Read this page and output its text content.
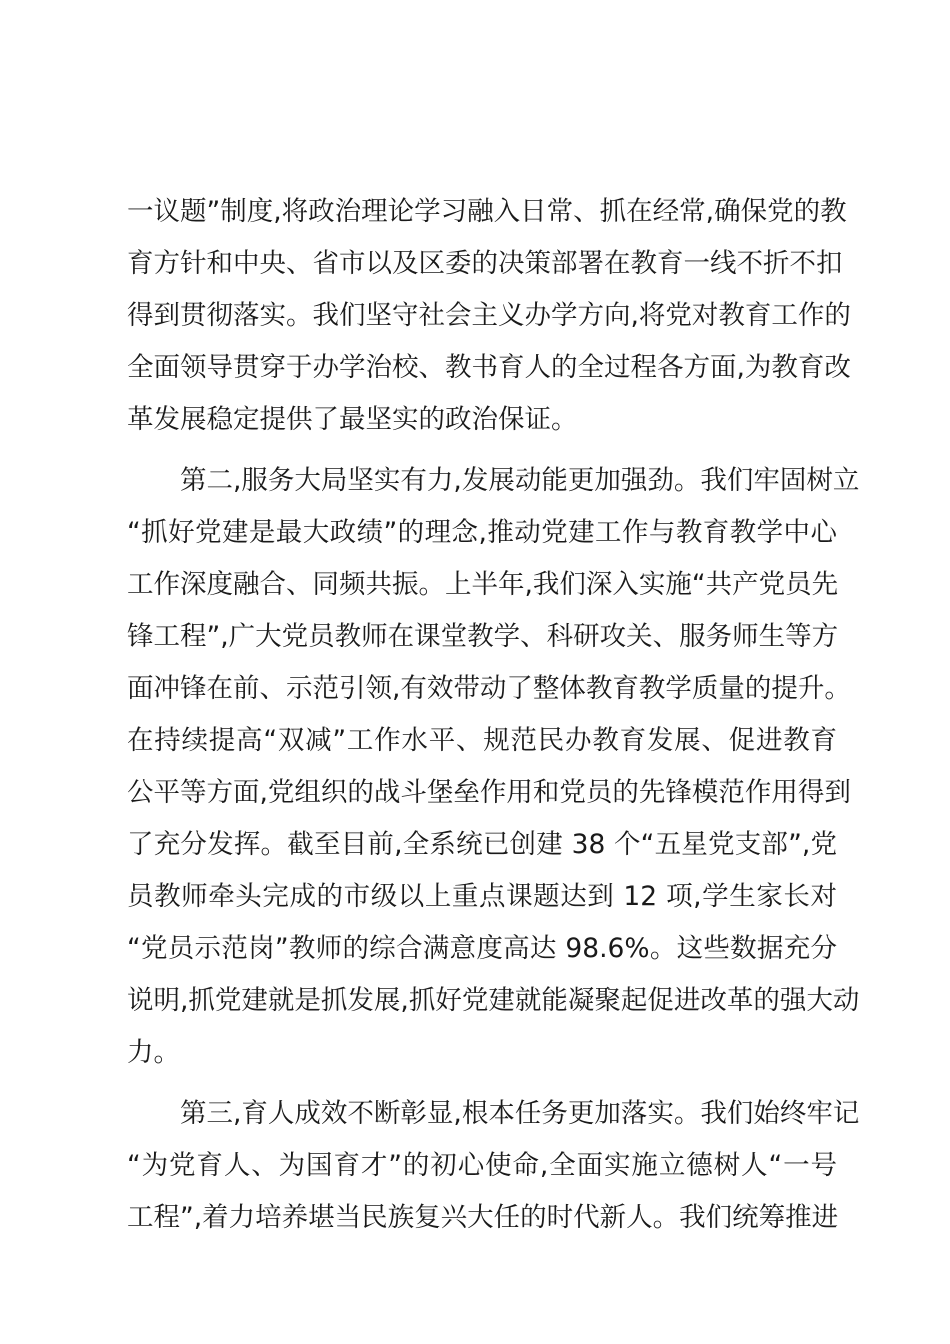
一议题”制度,将政治理论学习融入日常、抓在经常,确保党的教
育方针和中央、省市以及区委的决策部署在教育一线不折不扣
得到贯彻落实。我们坚守社会主义办学方向,将党对教育工作的
全面领导贯穿于办学治校、教书育人的全过程各方面,为教育改
革发展稳定提供了最坚实的政治保证。
第二,服务大局坚实有力,发展动能更加强劲。我们牢固树立
“抓好党建是最大政绩”的理念,推动党建工作与教育教学中心
工作深度融合、同频共振。上半年,我们深入实施“共产党员先
锋工程”,广大党员教师在课堂教学、科研攻关、服务师生等方
面冲锋在前、示范引领,有效带动了整体教育教学质量的提升。
在持续提高“双减”工作水平、规范民办教育发展、促进教育
公平等方面,党组织的战斗堡垒作用和党员的先锋模范作用得到
了充分发挥。截至目前,全系统已创建 38 个“五星党支部”,党
员教师牵头完成的市级以上重点课题达到 12 项,学生家长对
“党员示范岗”教师的综合满意度高达 98.6%。这些数据充分
说明,抓党建就是抓发展,抓好党建就能凝聚起促进改革的强大动
力。
第三,育人成效不断彰显,根本任务更加落实。我们始终牢记
“为党育人、为国育才”的初心使命,全面实施立德树人“一号
工程”,着力培养堪当民族复兴大任的时代新人。我们统筹推进
